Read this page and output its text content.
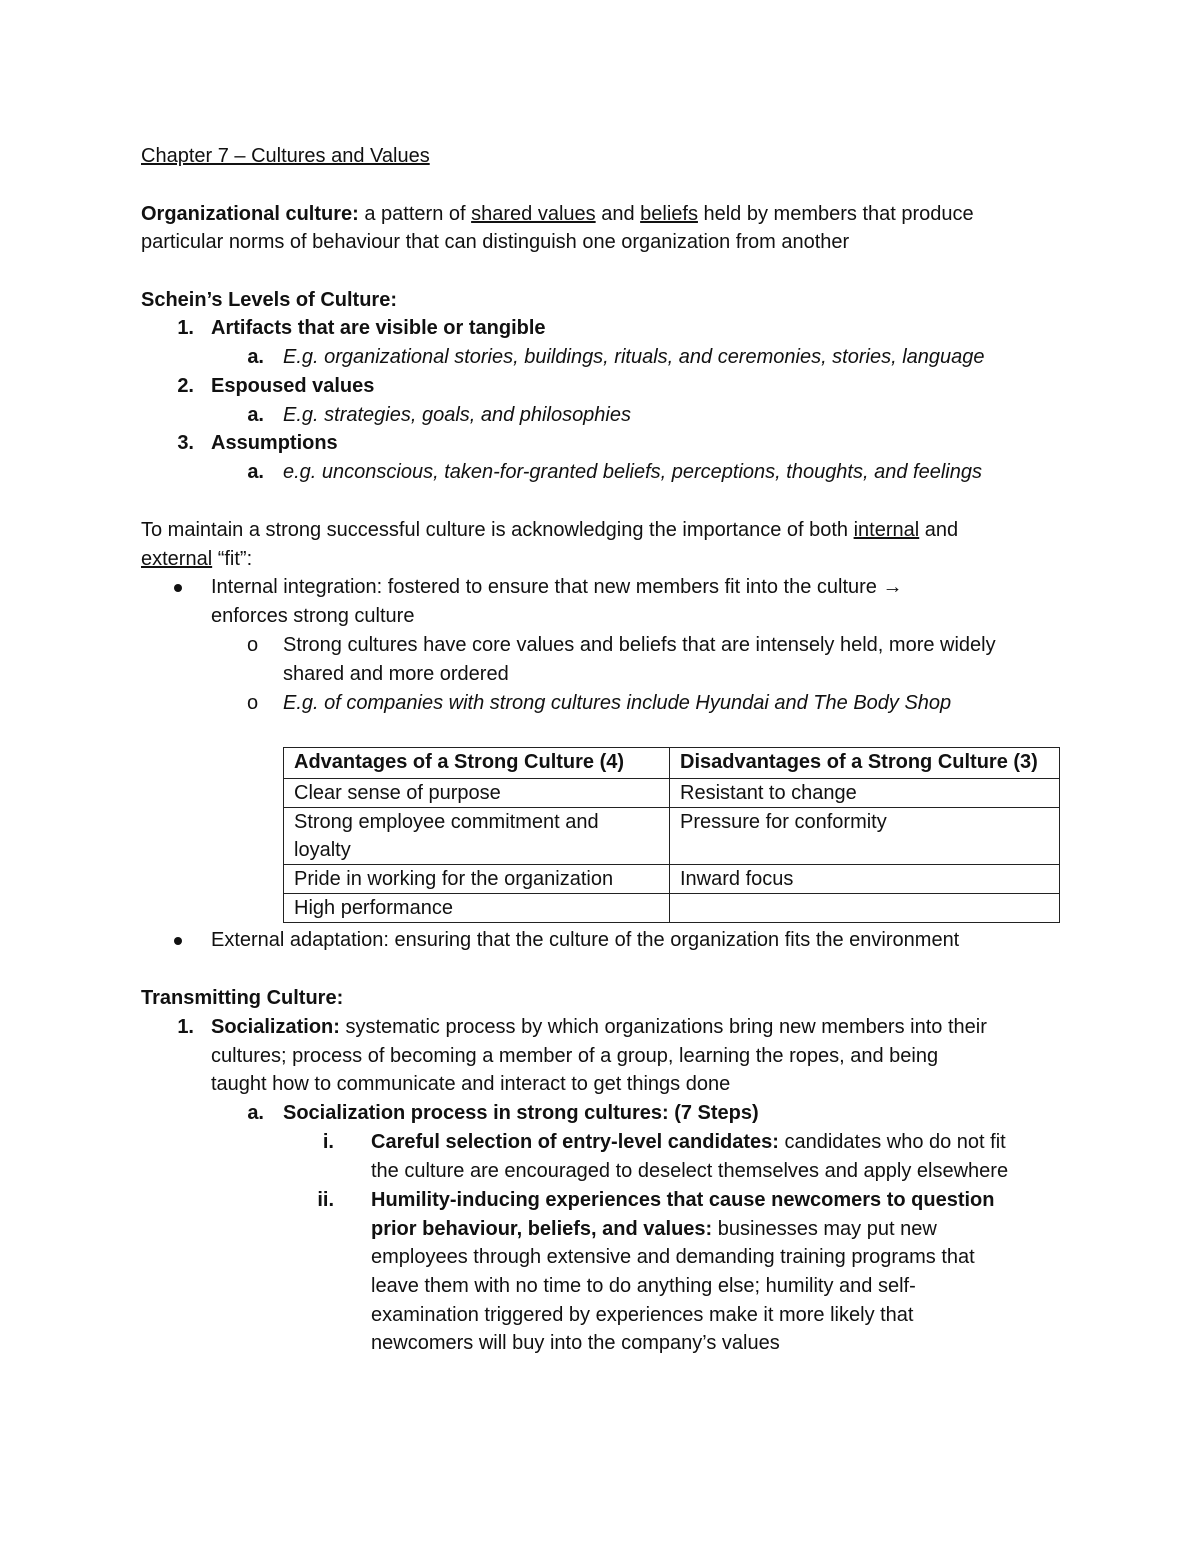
Chapter 7 – Cultures and Values
Organizational culture: a pattern of shared values and beliefs held by members that produce
particular norms of behaviour that can distinguish one organization from another
Schein’s Levels of Culture:
1. Artifacts that are visible or tangible
a. E.g. organizational stories, buildings, rituals, and ceremonies, stories, language
2. Espoused values
a. E.g. strategies, goals, and philosophies
3. Assumptions
a. e.g. unconscious, taken-for-granted beliefs, perceptions, thoughts, and feelings
To maintain a strong successful culture is acknowledging the importance of both internal and
external “fit”:
Internal integration: fostered to ensure that new members fit into the culture →
enforces strong culture
o Strong cultures have core values and beliefs that are intensely held, more widely
shared and more ordered
o E.g. of companies with strong cultures include Hyundai and The Body Shop
Advantages of a Strong Culture (4)	Disadvantages of a Strong Culture (3)
Clear sense of purpose	Resistant to change
Strong employee commitment and loyalty	Pressure for conformity
Pride in working for the organization	Inward focus
High performance	
External adaptation: ensuring that the culture of the organization fits the environment
Transmitting Culture:
1. Socialization: systematic process by which organizations bring new members into their
cultures; process of becoming a member of a group, learning the ropes, and being
taught how to communicate and interact to get things done
a. Socialization process in strong cultures: (7 Steps)
i. Careful selection of entry-level candidates: candidates who do not fit
the culture are encouraged to deselect themselves and apply elsewhere
ii. Humility-inducing experiences that cause newcomers to question
prior behaviour, beliefs, and values: businesses may put new
employees through extensive and demanding training programs that
leave them with no time to do anything else; humility and self-
examination triggered by experiences make it more likely that
newcomers will buy into the company’s values
